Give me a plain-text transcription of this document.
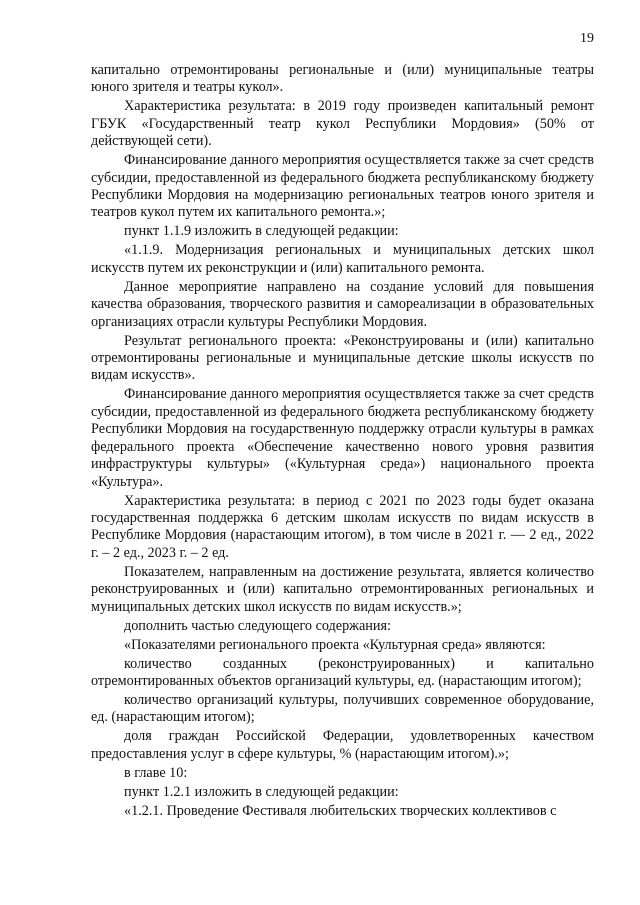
19

капитально отремонтированы региональные и (или) муниципальные театры юного зрителя и театры кукол».

Характеристика результата: в 2019 году произведен капитальный ремонт ГБУК «Государственный театр кукол Республики Мордовия» (50% от действующей сети).

Финансирование данного мероприятия осуществляется также за счет средств субсидии, предоставленной из федерального бюджета республиканскому бюджету Республики Мордовия на модернизацию региональных театров юного зрителя и театров кукол путем их капитального ремонта.»;

пункт 1.1.9 изложить в следующей редакции:

«1.1.9. Модернизация региональных и муниципальных детских школ искусств путем их реконструкции и (или) капитального ремонта.

Данное мероприятие направлено на создание условий для повышения качества образования, творческого развития и самореализации в образовательных организациях отрасли культуры Республики Мордовия.

Результат регионального проекта: «Реконструированы и (или) капитально отремонтированы региональные и муниципальные детские школы искусств по видам искусств».

Финансирование данного мероприятия осуществляется также за счет средств субсидии, предоставленной из федерального бюджета республиканскому бюджету Республики Мордовия на государственную поддержку отрасли культуры в рамках федерального проекта «Обеспечение качественно нового уровня развития инфраструктуры культуры» («Культурная среда») национального проекта «Культура».

Характеристика результата: в период с 2021 по 2023 годы будет оказана государственная поддержка 6 детским школам искусств по видам искусств в Республике Мордовия (нарастающим итогом), в том числе в 2021 г. — 2 ед., 2022 г. – 2 ед., 2023 г. – 2 ед.

Показателем, направленным на достижение результата, является количество реконструированных и (или) капитально отремонтированных региональных и муниципальных детских школ искусств по видам искусств.»;

дополнить частью следующего содержания:

«Показателями регионального проекта «Культурная среда» являются:

количество созданных (реконструированных) и капитально отремонтированных объектов организаций культуры, ед. (нарастающим итогом);

количество организаций культуры, получивших современное оборудование, ед. (нарастающим итогом);

доля граждан Российской Федерации, удовлетворенных качеством предоставления услуг в сфере культуры, % (нарастающим итогом).»;

в главе 10:

пункт 1.2.1 изложить в следующей редакции:

«1.2.1. Проведение Фестиваля любительских творческих коллективов с
